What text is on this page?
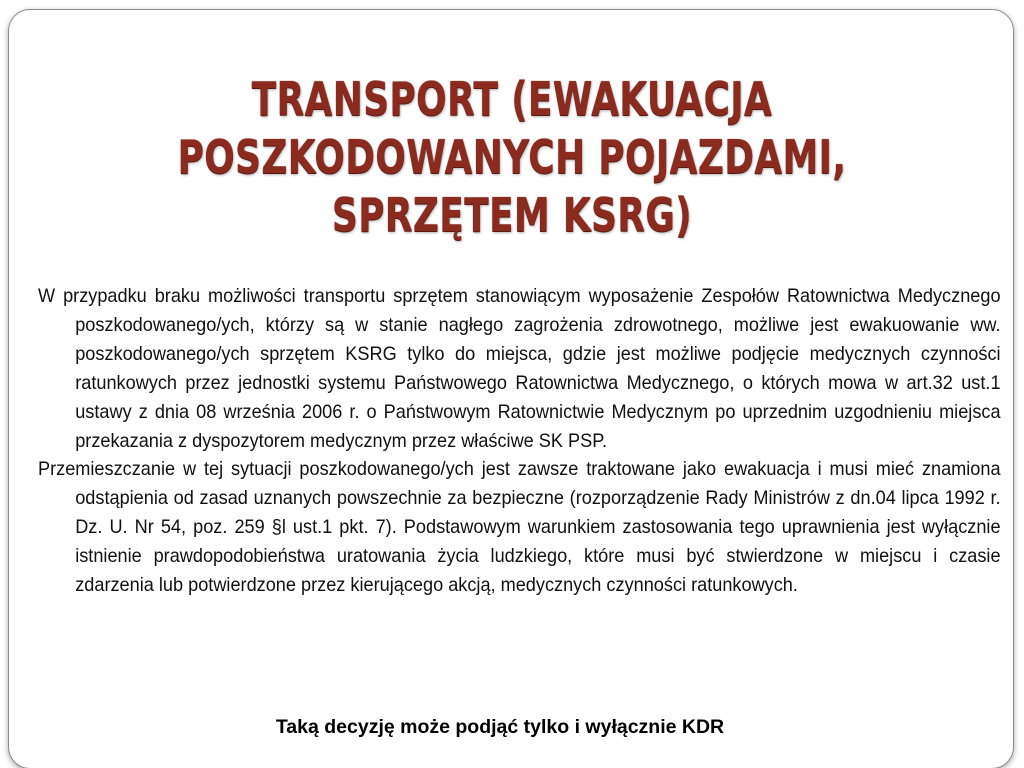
TRANSPORT (EWAKUACJA
POSZKODOWANYCH POJAZDAMI,
SPRZĘTEM KSRG)

W przypadku braku możliwości transportu sprzętem stanowiącym wyposażenie Zespołów Ratownictwa Medycznego poszkodowanego/ych, którzy są w stanie nagłego zagrożenia zdrowotnego, możliwe jest ewakuowanie ww. poszkodowanego/ych sprzętem KSRG tylko do miejsca, gdzie jest możliwe podjęcie medycznych czynności ratunkowych przez jednostki systemu Państwowego Ratownictwa Medycznego, o których mowa w art.32 ust.1 ustawy z dnia 08 września 2006 r. o Państwowym Ratownictwie Medycznym po uprzednim uzgodnieniu miejsca przekazania z dyspozytorem medycznym przez właściwe SK PSP.

Przemieszczanie w tej sytuacji poszkodowanego/ych jest zawsze traktowane jako ewakuacja i musi mieć znamiona odstąpienia od zasad uznanych powszechnie za bezpieczne (rozporządzenie Rady Ministrów z dn.04 lipca 1992 r. Dz. U. Nr 54, poz. 259 §l ust.1 pkt. 7). Podstawowym warunkiem zastosowania tego uprawnienia jest wyłącznie istnienie prawdopodobieństwa uratowania życia ludzkiego, które musi być stwierdzone w miejscu i czasie zdarzenia lub potwierdzone przez kierującego akcją, medycznych czynności ratunkowych.

Taką decyzję może podjąć tylko i wyłącznie KDR
